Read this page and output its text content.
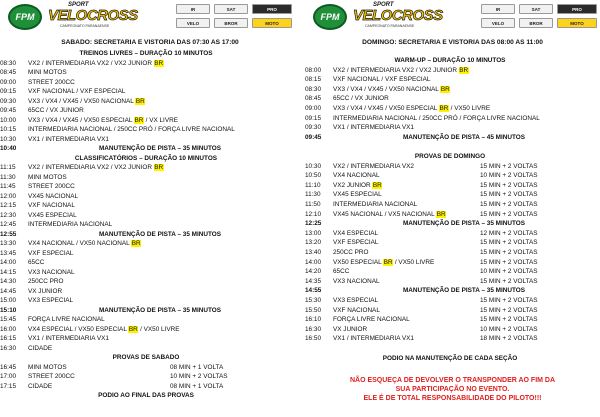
FPM
SPORT
VELOCROSS
CAMPEONATO PARANAENSE
IR	SAT	PRO
VELO	BROR	MOTO
SABADO: SECRETARIA E VISTORIA DAS 07:30 AS 17:00
TREINOS LIVRES – DURAÇÃO 10 MINUTOS
08:30	VX2 / INTERMEDIARIA VX2 / VX2 JUNIOR BR
08:45	MINI MOTOS
09:00	STREET 200CC
09:15	VXF NACIONAL / VXF ESPECIAL
09:30	VX3 / VX4 / VX45 / VX50 NACIONAL BR
09:45	65CC / VX JUNIOR
10:00	VX3 / VX4 / VX45 / VX50 ESPECIAL BR / VX LIVRE
10:15	INTERMEDIARIA NACIONAL / 250CC PRÓ / FORÇA LIVRE NACIONAL
10:30	VX1 / INTERMEDIARIA VX1
10:40	MANUTENÇÃO DE PISTA – 35 MINUTOS
CLASSIFICATÓRIOS – DURAÇÃO 10 MINUTOS
11:15	VX2 / INTERMEDIARIA VX2 / VX2 JUNIOR BR
11:30	MINI MOTOS
11:45	STREET 200CC
12:00	VX45 NACIONAL
12:15	VXF NACIONAL
12:30	VX45 ESPECIAL
12:45	INTERMEDIARIA NACIONAL
12:55	MANUTENÇÃO DE PISTA – 35 MINUTOS
13:30	VX4 NACIONAL / VX50 NACIONAL BR
13:45	VXF ESPECIAL
14:00	65CC
14:15	VX3 NACIONAL
14:30	250CC PRO
14:45	VX JUNIOR
15:00	VX3 ESPECIAL
15:10	MANUTENÇÃO DE PISTA – 35 MINUTOS
15:45	FORÇA LIVRE NACIONAL
16:00	VX4 ESPECIAL / VX50 ESPECIAL BR / VX50 LIVRE
16:15	VX1 / INTERMEDIARIA VX1
16:30	CIDADE
PROVAS DE SABADO
16:45	MINI MOTOS	08 MIN + 1 VOLTA
17:00	STREET 200CC	10 MIN + 2 VOLTAS
17:15	CIDADE	08 MIN + 1 VOLTA
PODIO AO FINAL DAS PROVAS
FPM
SPORT
VELOCROSS
CAMPEONATO PARANAENSE
IR	SAT	PRO
VELO	BROR	MOTO
DOMINGO: SECRETARIA E VISTORIA DAS 08:00 AS 11:00
WARM-UP – DURAÇÃO 10 MINUTOS
08:00	VX2 / INTERMEDIARIA VX2 / VX2 JUNIOR BR
08:15	VXF NACIONAL / VXF ESPECIAL
08:30	VX3 / VX4 / VX45 / VX50 NACIONAL BR
08:45	65CC / VX JUNIOR
09:00	VX3 / VX4 / VX45 / VX50 ESPECIAL BR / VX50 LIVRE
09:15	INTERMEDIARIA NACIONAL / 250CC PRÓ / FORÇA LIVRE NACIONAL
09:30	VX1 / INTERMEDIARIA VX1
09:45	MANUTENÇÃO DE PISTA – 45 MINUTOS
PROVAS DE DOMINGO
10:30	VX2 / INTERMEDIARIA VX2	15 MIN + 2 VOLTAS
10:50	VX4 NACIONAL	10 MIN + 2 VOLTAS
11:10	VX2 JUNIOR BR	15 MIN + 2 VOLTAS
11:30	VX45 ESPECIAL	15 MIN + 2 VOLTAS
11:50	INTERMEDIARIA NACIONAL	15 MIN + 2 VOLTAS
12:10	VX45 NACIONAL / VX5 NACIONAL BR	15 MIN + 2 VOLTAS
12:25	MANUTENÇÃO DE PISTA – 35 MINUTOS
13:00	VX4 ESPECIAL	12 MIN + 2 VOLTAS
13:20	VXF ESPECIAL	15 MIN + 2 VOLTAS
13:40	250CC PRO	15 MIN + 2 VOLTAS
14:00	VX50 ESPECIAL BR / VX50 LIVRE	15 MIN + 2 VOLTAS
14:20	65CC	10 MIN + 2 VOLTAS
14:35	VX3 NACIONAL	15 MIN + 2 VOLTAS
14:55	MANUTENÇÃO DE PISTA – 35 MINUTOS
15:30	VX3 ESPECIAL	15 MIN + 2 VOLTAS
15:50	VXF NACIONAL	15 MIN + 2 VOLTAS
16:10	FORÇA LIVRE NACIONAL	15 MIN + 2 VOLTAS
16:30	VX JUNIOR	10 MIN + 2 VOLTAS
16:50	VX1 / INTERMEDIARIA VX1	18 MIN + 2 VOLTAS
PODIO NA MANUTENÇÃO DE CADA SEÇÃO
NÃO ESQUEÇA DE DEVOLVER O TRANSPONDER AO FIM DA
SUA PARTICIPAÇÃO NO EVENTO.
ELE É DE TOTAL RESPONSABILIDADE DO PILOTO!!!
